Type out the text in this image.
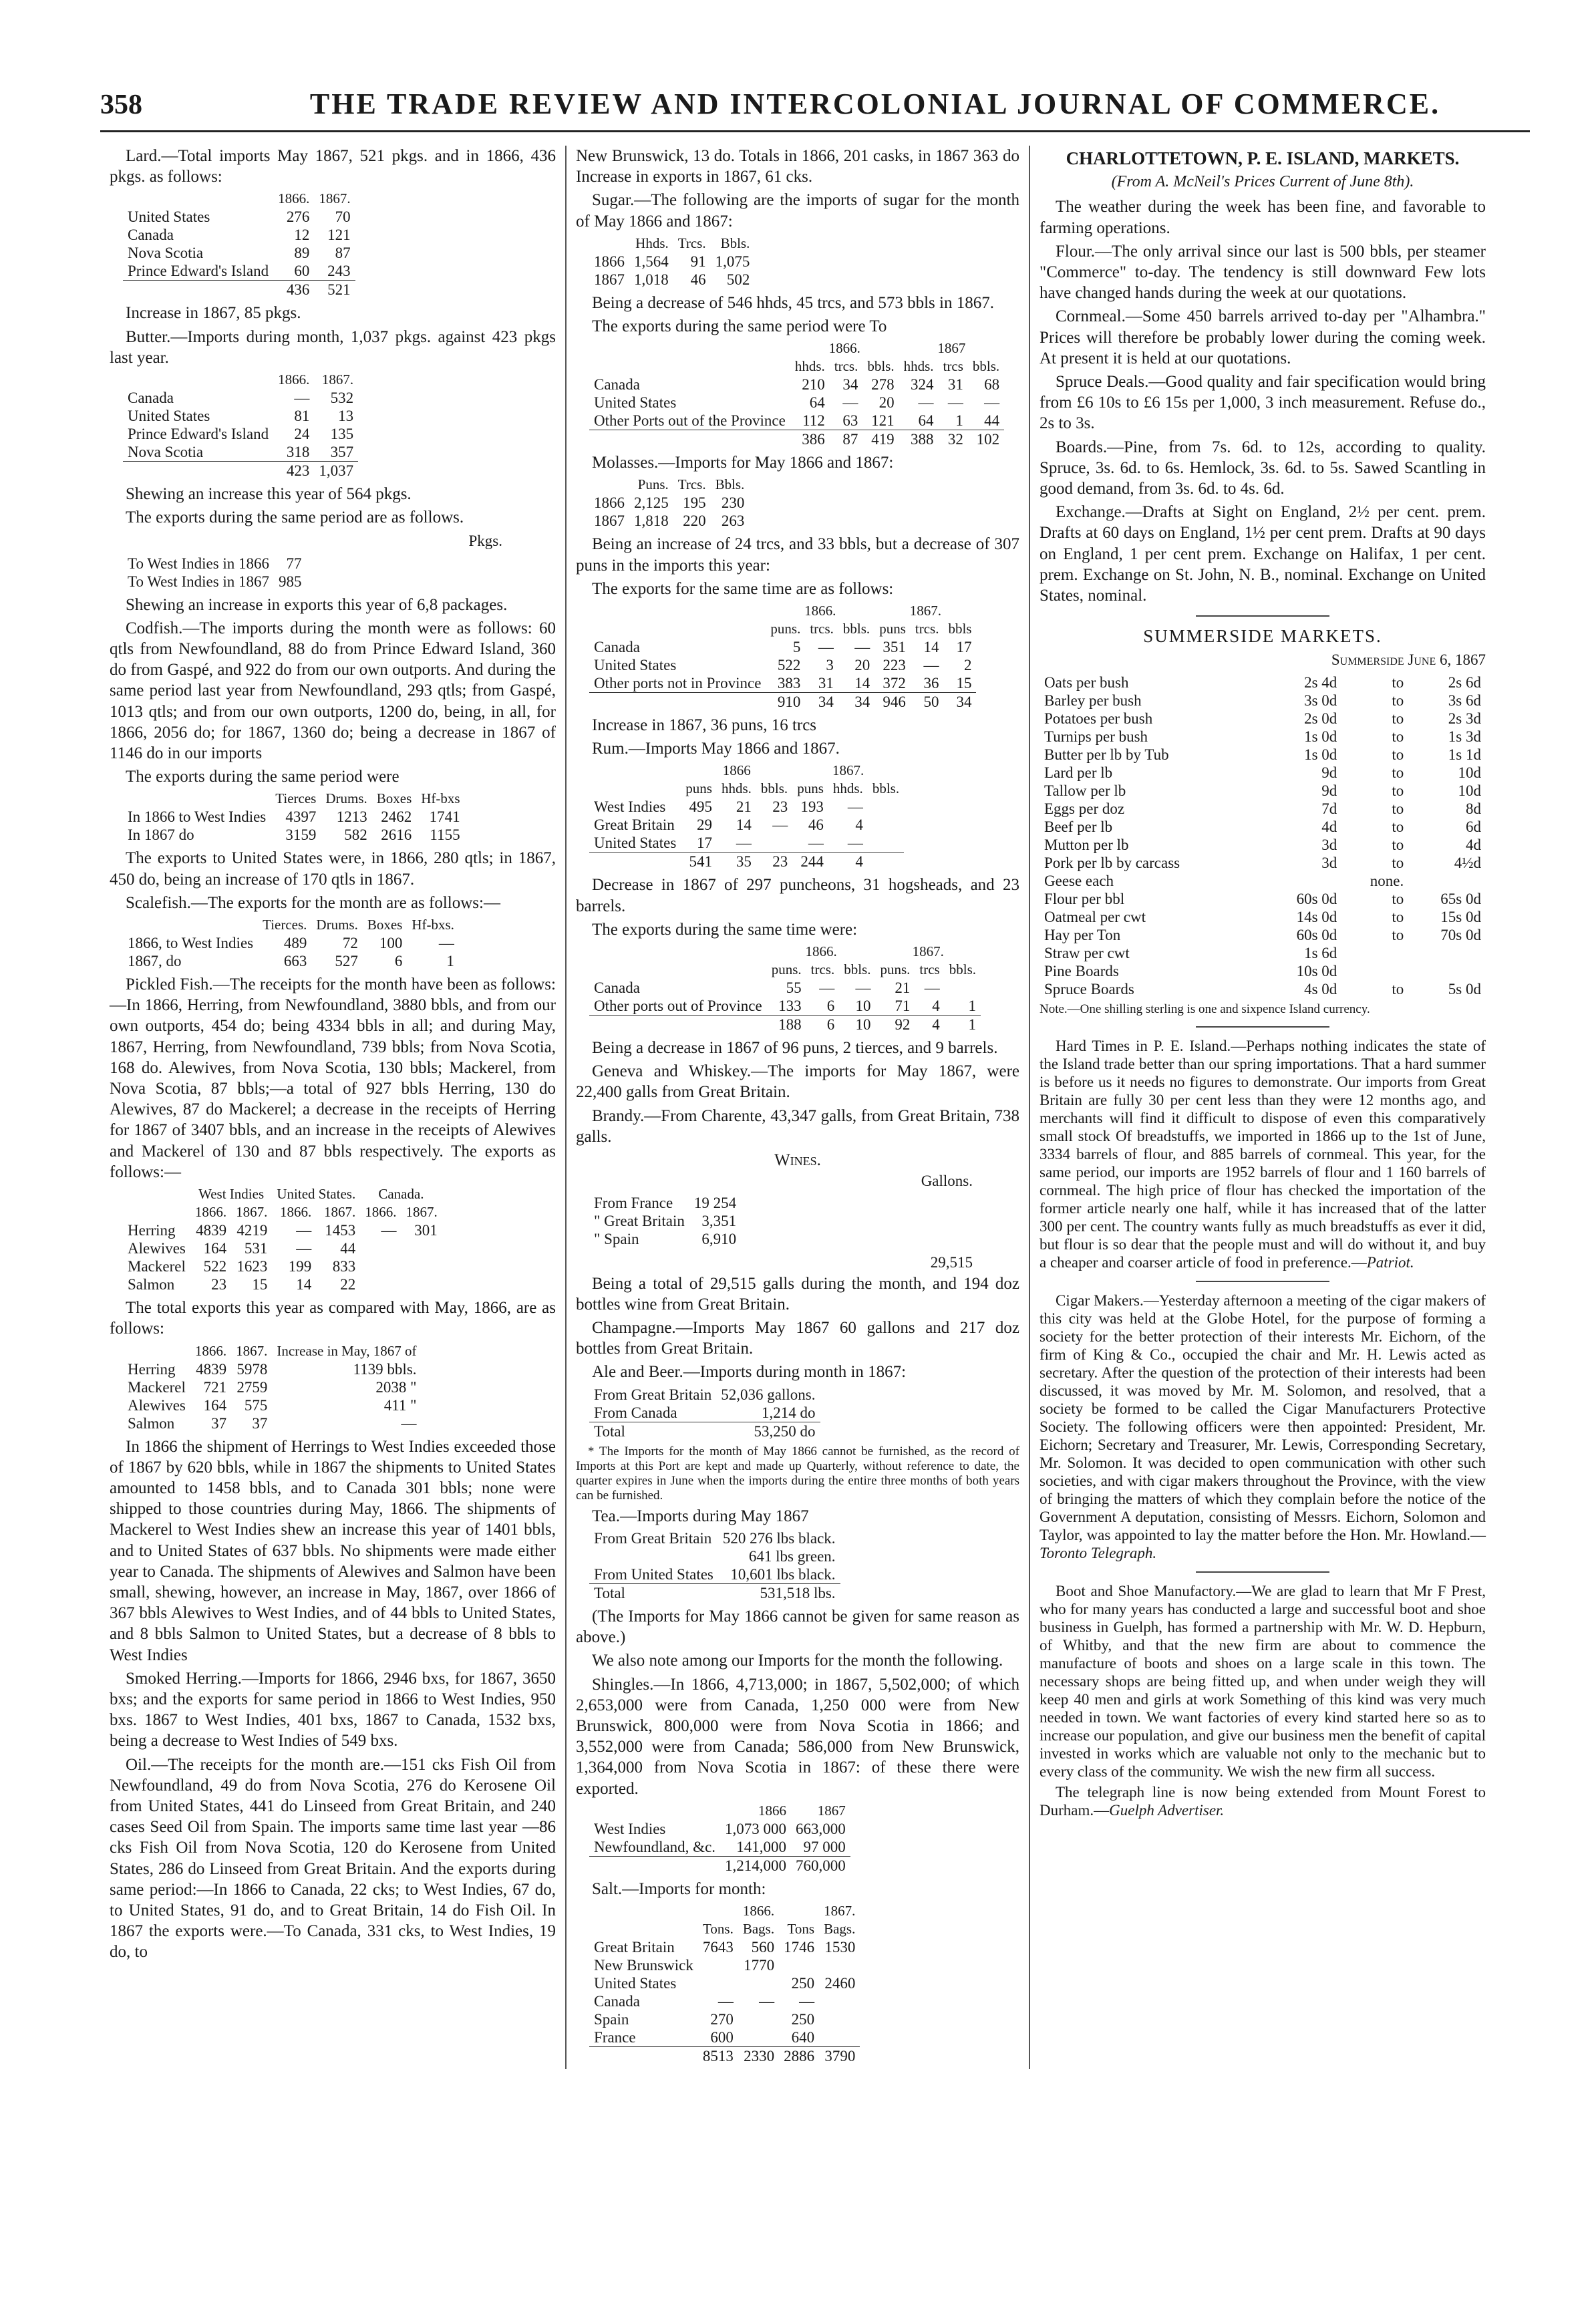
358	THE TRADE REVIEW AND INTERCOLONIAL JOURNAL OF COMMERCE.

Lard.—Total imports May 1867, 521 pkgs. and in 1866, 436 pkgs. as follows:

	1866.	1867.
United States	276	70
Canada	12	121
Nova Scotia	89	87
Prince Edward's Island	60	243
	436	521

Increase in 1867, 85 pkgs.

Butter.—Imports during month, 1,037 pkgs. against 423 pkgs last year.

	1866.	1867.
Canada	—	532
United States	81	13
Prince Edward's Island	24	135
Nova Scotia	318	357
	423	1,037

Shewing an increase this year of 564 pkgs.

The exports during the same period are as follows.

Pkgs.
To West Indies in 1866	77
To West Indies in 1867	985

Shewing an increase in exports this year of 6,8 packages.

Codfish.—The imports during the month were as follows: 60 qtls from Newfoundland, 88 do from Prince Edward Island, 360 do from Gaspé, and 922 do from our own outports. And during the same period last year from Newfoundland, 293 qtls; from Gaspé, 1013 qtls; and from our own outports, 1200 do, being, in all, for 1866, 2056 do; for 1867, 1360 do; being a decrease in 1867 of 1146 do in our imports

The exports during the same period were

	Tierces	Drums.	Boxes	Hf-bxs
In 1866 to West Indies	4397	1213	2462	1741
In 1867 do	3159	582	2616	1155

The exports to United States were, in 1866, 280 qtls; in 1867, 450 do, being an increase of 170 qtls in 1867.

Scalefish.—The exports for the month are as follows:—

	Tierces.	Drums.	Boxes	Hf-bxs.
1866, to West Indies	489	72	100	—
1867, do	663	527	6	1

Pickled Fish.—The receipts for the month have been as follows:—In 1866, Herring, from Newfoundland, 3880 bbls, and from our own outports, 454 do; being 4334 bbls in all; and during May, 1867, Herring, from Newfoundland, 739 bbls; from Nova Scotia, 168 do. Alewives, from Nova Scotia, 130 bbls; Mackerel, from Nova Scotia, 87 bbls;—a total of 927 bbls Herring, 130 do Alewives, 87 do Mackerel; a decrease in the receipts of Herring for 1867 of 3407 bbls, and an increase in the receipts of Alewives and Mackerel of 130 and 87 bbls respectively. The exports as follows:—

	West Indies		United States.		Canada.	
	1866.	1867.	1866.	1867.	1866.	1867.
Herring	4839	4219	—	1453	—	301
Alewives	164	531	—	44		
Mackerel	522	1623	199	833		
Salmon	23	15	14	22		

The total exports this year as compared with May, 1866, are as follows:

	1866.	1867.	Increase in May, 1867 of
Herring	4839	5978	1139 bbls.
Mackerel	721	2759	2038 "
Alewives	164	575	411 "
Salmon	37	37	—

In 1866 the shipment of Herrings to West Indies exceeded those of 1867 by 620 bbls, while in 1867 the shipments to United States amounted to 1458 bbls, and to Canada 301 bbls; none were shipped to those countries during May, 1866. The shipments of Mackerel to West Indies shew an increase this year of 1401 bbls, and to United States of 637 bbls. No shipments were made either year to Canada. The shipments of Alewives and Salmon have been small, shewing, however, an increase in May, 1867, over 1866 of 367 bbls Alewives to West Indies, and of 44 bbls to United States, and 8 bbls Salmon to United States, but a decrease of 8 bbls to West Indies

Smoked Herring.—Imports for 1866, 2946 bxs, for 1867, 3650 bxs; and the exports for same period in 1866 to West Indies, 950 bxs. 1867 to West Indies, 401 bxs, 1867 to Canada, 1532 bxs, being a decrease to West Indies of 549 bxs.

Oil.—The receipts for the month are.—151 cks Fish Oil from Newfoundland, 49 do from Nova Scotia, 276 do Kerosene Oil from United States, 441 do Linseed from Great Britain, and 240 cases Seed Oil from Spain. The imports same time last year —86 cks Fish Oil from Nova Scotia, 120 do Kerosene from United States, 286 do Linseed from Great Britain. And the exports during same period:—In 1866 to Canada, 22 cks; to West Indies, 67 do, to United States, 91 do, and to Great Britain, 14 do Fish Oil. In 1867 the exports were.—To Canada, 331 cks, to West Indies, 19 do, to

New Brunswick, 13 do. Totals in 1866, 201 casks, in 1867 363 do Increase in exports in 1867, 61 cks.

Sugar.—The following are the imports of sugar for the month of May 1866 and 1867:

	Hhds.	Trcs.	Bbls.
1866	1,564	91	1,075
1867	1,018	46	502

Being a decrease of 546 hhds, 45 trcs, and 573 bbls in 1867.

The exports during the same period were To

	1866.			1867		
	hhds.	trcs.	bbls.	hhds.	trcs	bbls.
Canada	210	34	278	324	31	68
United States	64	—	20	—	—	—
Other Ports out of the Province	112	63	121	64	1	44
	386	87	419	388	32	102

Molasses.—Imports for May 1866 and 1867:

	Puns.	Trcs.	Bbls.
1866	2,125	195	230
1867	1,818	220	263

Being an increase of 24 trcs, and 33 bbls, but a decrease of 307 puns in the imports this year:

The exports for the same time are as follows:

	1866.			1867.		
	puns.	trcs.	bbls.	puns	trcs.	bbls
Canada	5	—	—	351	14	17
United States	522	3	20	223	—	2
Other ports not in Province	383	31	14	372	36	15
	910	34	34	946	50	34

Increase in 1867, 36 puns, 16 trcs

Rum.—Imports May 1866 and 1867.

	1866			1867.		
	puns	hhds.	bbls.	puns	hhds.	bbls.
West Indies	495	21	23	193	—	
Great Britain	29	14	—	46	4	
United States	17	—		—	—	
	541	35	23	244	4	

Decrease in 1867 of 297 puncheons, 31 hogsheads, and 23 barrels.

The exports during the same time were:

	1866.			1867.		
	puns.	trcs.	bbls.	puns.	trcs	bbls.
Canada	55	—	—	21	—	
Other ports out of Province	133	6	10	71	4	1
	188	6	10	92	4	1

Being a decrease in 1867 of 96 puns, 2 tierces, and 9 barrels.

Geneva and Whiskey.—The imports for May 1867, were 22,400 galls from Great Britain.

Brandy.—From Charente, 43,347 galls, from Great Britain, 738 galls.

Wines.
Gallons.
From France	19 254
" Great Britain	3,351
" Spain	6,910
29,515

Being a total of 29,515 galls during the month, and 194 doz bottles wine from Great Britain.

Champagne.—Imports May 1867 60 gallons and 217 doz bottles from Great Britain.

Ale and Beer.—Imports during month in 1867:

From Great Britain	52,036 gallons.
From Canada	1,214 do
Total	53,250 do

* The Imports for the month of May 1866 cannot be furnished, as the record of Imports at this Port are kept and made up Quarterly, without reference to date, the quarter expires in June when the imports during the entire three months of both years can be furnished.

Tea.—Imports during May 1867

From Great Britain	520 276 lbs black.
	641 lbs green.
From United States	10,601 lbs black.
Total	531,518 lbs.

(The Imports for May 1866 cannot be given for same reason as above.)

We also note among our Imports for the month the following.

Shingles.—In 1866, 4,713,000; in 1867, 5,502,000; of which 2,653,000 were from Canada, 1,250 000 were from New Brunswick, 800,000 were from Nova Scotia in 1866; and 3,552,000 were from Canada; 586,000 from New Brunswick, 1,364,000 from Nova Scotia in 1867: of these there were exported.

	1866	1867
West Indies	1,073 000	663,000
Newfoundland, &c.	141,000	97 000
	1,214,000	760,000

Salt.—Imports for month:

	1866.			1867.
	Tons.	Bags.	Tons	Bags.
Great Britain	7643	560	1746	1530
New Brunswick		1770		
United States			250	2460
Canada	—	—	—	
Spain	270		250	
France	600		640	
	8513	2330	2886	3790
CHARLOTTETOWN, P. E. ISLAND, MARKETS.
(From A. McNeil's Prices Current of June 8th).

The weather during the week has been fine, and favorable to farming operations.

Flour.—The only arrival since our last is 500 bbls, per steamer "Commerce" to-day. The tendency is still downward Few lots have changed hands during the week at our quotations.

Cornmeal.—Some 450 barrels arrived to-day per "Alhambra." Prices will therefore be probably lower during the coming week. At present it is held at our quotations.

Spruce Deals.—Good quality and fair specification would bring from £6 10s to £6 15s per 1,000, 3 inch measurement. Refuse do., 2s to 3s.

Boards.—Pine, from 7s. 6d. to 12s, according to quality. Spruce, 3s. 6d. to 6s. Hemlock, 3s. 6d. to 5s. Sawed Scantling in good demand, from 3s. 6d. to 4s. 6d.

Exchange.—Drafts at Sight on England, 2½ per cent. prem. Drafts at 60 days on England, 1½ per cent prem. Drafts at 90 days on England, 1 per cent prem. Exchange on Halifax, 1 per cent. prem. Exchange on St. John, N. B., nominal. Exchange on United States, nominal.

SUMMERSIDE MARKETS.
Summerside June 6, 1867
Oats per bush	2s 4d	to	2s 6d
Barley per bush	3s 0d	to	3s 6d
Potatoes per bush	2s 0d	to	2s 3d
Turnips per bush	1s 0d	to	1s 3d
Butter per lb by Tub	1s 0d	to	1s 1d
Lard per lb	9d	to	10d
Tallow per lb	9d	to	10d
Eggs per doz	7d	to	8d
Beef per lb	4d	to	6d
Mutton per lb	3d	to	4d
Pork per lb by carcass	3d	to	4½d
Geese each		none.	
Flour per bbl	60s 0d	to	65s 0d
Oatmeal per cwt	14s 0d	to	15s 0d
Hay per Ton	60s 0d	to	70s 0d
Straw per cwt	1s 6d		
Pine Boards	10s 0d		
Spruce Boards	4s 0d	to	5s 0d

Note.—One shilling sterling is one and sixpence Island currency.

Hard Times in P. E. Island.—Perhaps nothing indicates the state of the Island trade better than our spring importations. That a hard summer is before us it needs no figures to demonstrate. Our imports from Great Britain are fully 30 per cent less than they were 12 months ago, and merchants will find it difficult to dispose of even this comparatively small stock Of breadstuffs, we imported in 1866 up to the 1st of June, 3334 barrels of flour, and 885 barrels of cornmeal. This year, for the same period, our imports are 1952 barrels of flour and 1 160 barrels of cornmeal. The high price of flour has checked the importation of the former article nearly one half, while it has increased that of the latter 300 per cent. The country wants fully as much breadstuffs as ever it did, but flour is so dear that the people must and will do without it, and buy a cheaper and coarser article of food in preference.—Patriot.

Cigar Makers.—Yesterday afternoon a meeting of the cigar makers of this city was held at the Globe Hotel, for the purpose of forming a society for the better protection of their interests Mr. Eichorn, of the firm of King & Co., occupied the chair and Mr. H. Lewis acted as secretary. After the question of the protection of their interests had been discussed, it was moved by Mr. M. Solomon, and resolved, that a society be formed to be called the Cigar Manufacturers Protective Society. The following officers were then appointed: President, Mr. Eichorn; Secretary and Treasurer, Mr. Lewis, Corresponding Secretary, Mr. Solomon. It was decided to open communication with other such societies, and with cigar makers throughout the Province, with the view of bringing the matters of which they complain before the notice of the Government A deputation, consisting of Messrs. Eichorn, Solomon and Taylor, was appointed to lay the matter before the Hon. Mr. Howland.—Toronto Telegraph.

Boot and Shoe Manufactory.—We are glad to learn that Mr F Prest, who for many years has conducted a large and successful boot and shoe business in Guelph, has formed a partnership with Mr. W. D. Hepburn, of Whitby, and that the new firm are about to commence the manufacture of boots and shoes on a large scale in this town. The necessary shops are being fitted up, and when under weigh they will keep 40 men and girls at work Something of this kind was very much needed in town. We want factories of every kind started here so as to increase our population, and give our business men the benefit of capital invested in works which are valuable not only to the mechanic but to every class of the community. We wish the new firm all success.

The telegraph line is now being extended from Mount Forest to Durham.—Guelph Advertiser.
